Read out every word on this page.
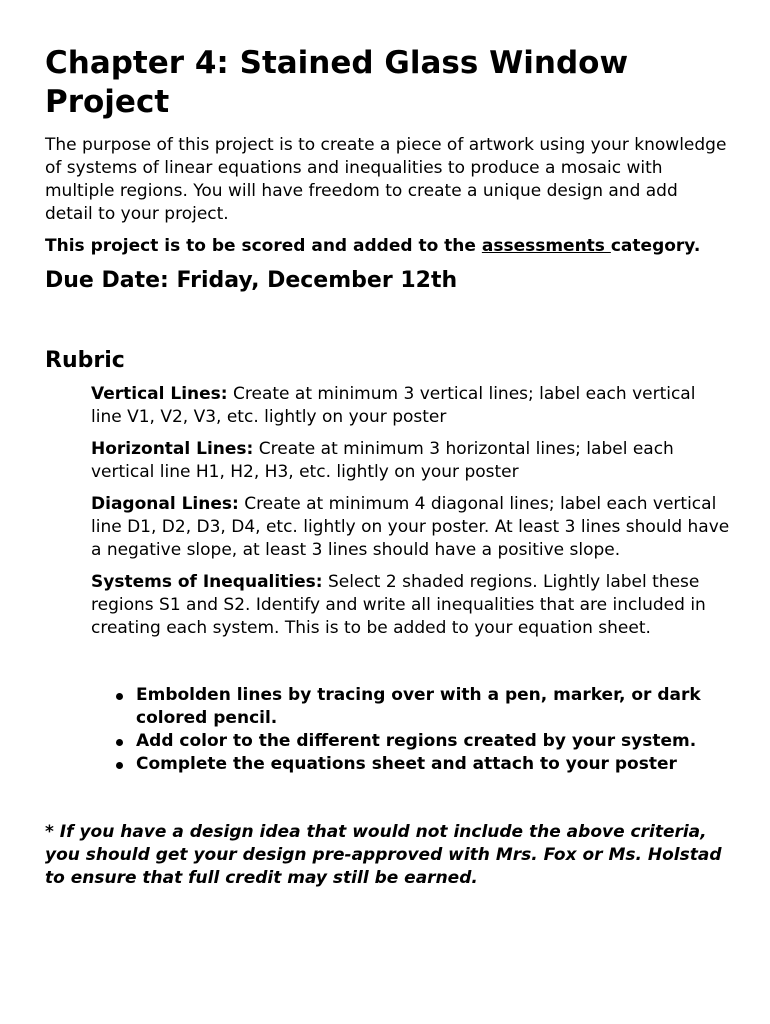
Chapter 4: Stained Glass Window Project

The purpose of this project is to create a piece of artwork using your knowledge of systems of linear equations and inequalities to produce a mosaic with multiple regions. You will have freedom to create a unique design and add detail to your project.

This project is to be scored and added to the assessments category.

Due Date: Friday, December 12th
Rubric

Vertical Lines: Create at minimum 3 vertical lines; label each vertical line V1, V2, V3, etc. lightly on your poster

Horizontal Lines: Create at minimum 3 horizontal lines; label each vertical line H1, H2, H3, etc. lightly on your poster

Diagonal Lines: Create at minimum 4 diagonal lines; label each vertical line D1, D2, D3, D4, etc. lightly on your poster. At least 3 lines should have a negative slope, at least 3 lines should have a positive slope.

Systems of Inequalities: Select 2 shaded regions. Lightly label these regions S1 and S2. Identify and write all inequalities that are included in creating each system. This is to be added to your equation sheet.

Embolden lines by tracing over with a pen, marker, or dark colored pencil.
Add color to the different regions created by your system.
Complete the equations sheet and attach to your poster

* If you have a design idea that would not include the above criteria, you should get your design pre-approved with Mrs. Fox or Ms. Holstad to ensure that full credit may still be earned.
